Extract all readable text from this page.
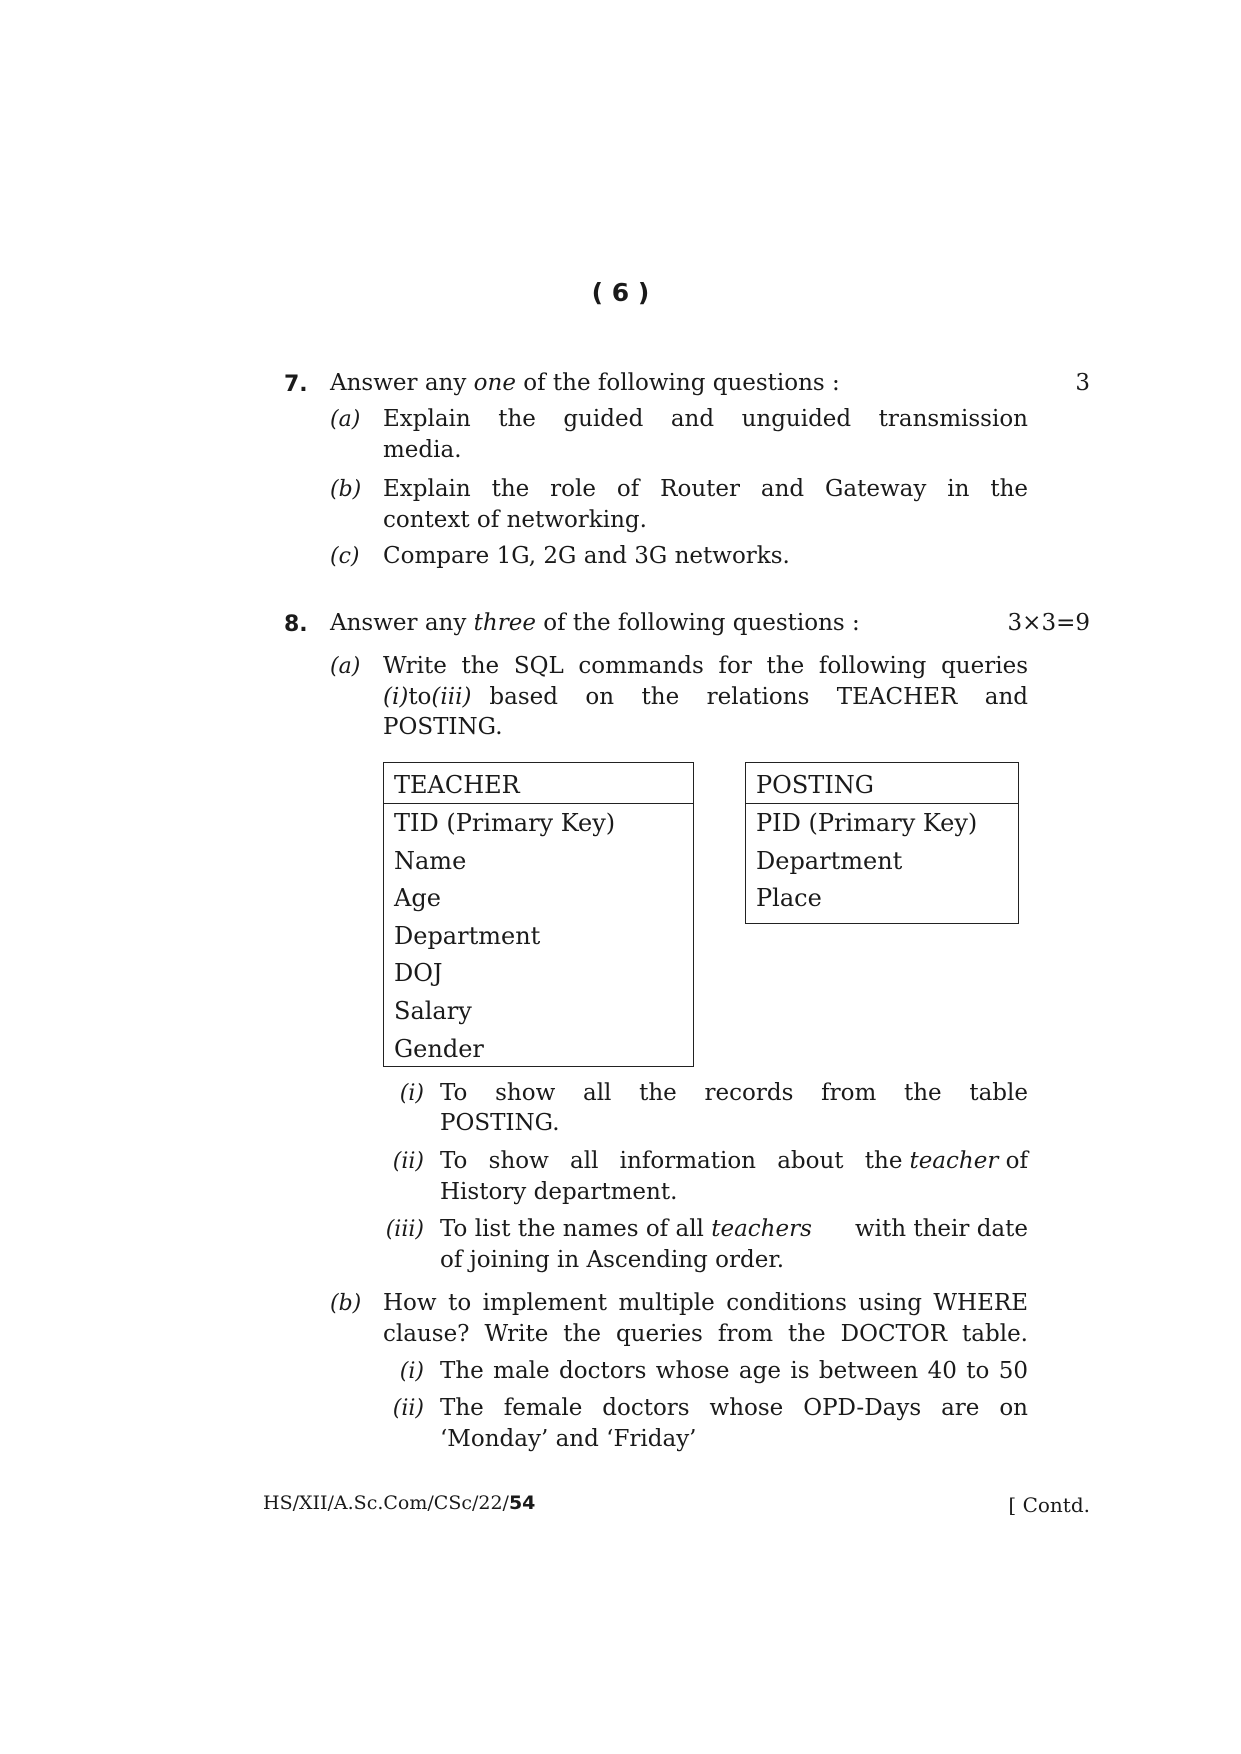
( 6 )
7. Answer any one of the following questions :	3
(a) Explain the guided and unguided transmission
media.
(b) Explain the role of Router and Gateway in the
context of networking.
(c) Compare 1G, 2G and 3G networks.
8. Answer any three of the following questions :	3×3=9
(a) Write the SQL commands for the following queries
(i) to (iii) based on the relations TEACHER and
POSTING.
TEACHER
TID (Primary Key)
Name
Age
Department
DOJ
Salary
Gender
POSTING
PID (Primary Key)
Department
Place
(i) To show all the records from the table
POSTING.
(ii) To show all information about the teacher of
History department.
(iii) To list the names of all teachers	with their date
of joining in Ascending order.
(b) How to implement multiple conditions using WHERE
clause? Write the queries from the DOCTOR table.
(i) The male doctors whose age is between 40 to 50
(ii) The female doctors whose OPD-Days are on
‘Monday’ and ‘Friday’
HS/XII/A.Sc.Com/CSc/22/54	[ Contd.
